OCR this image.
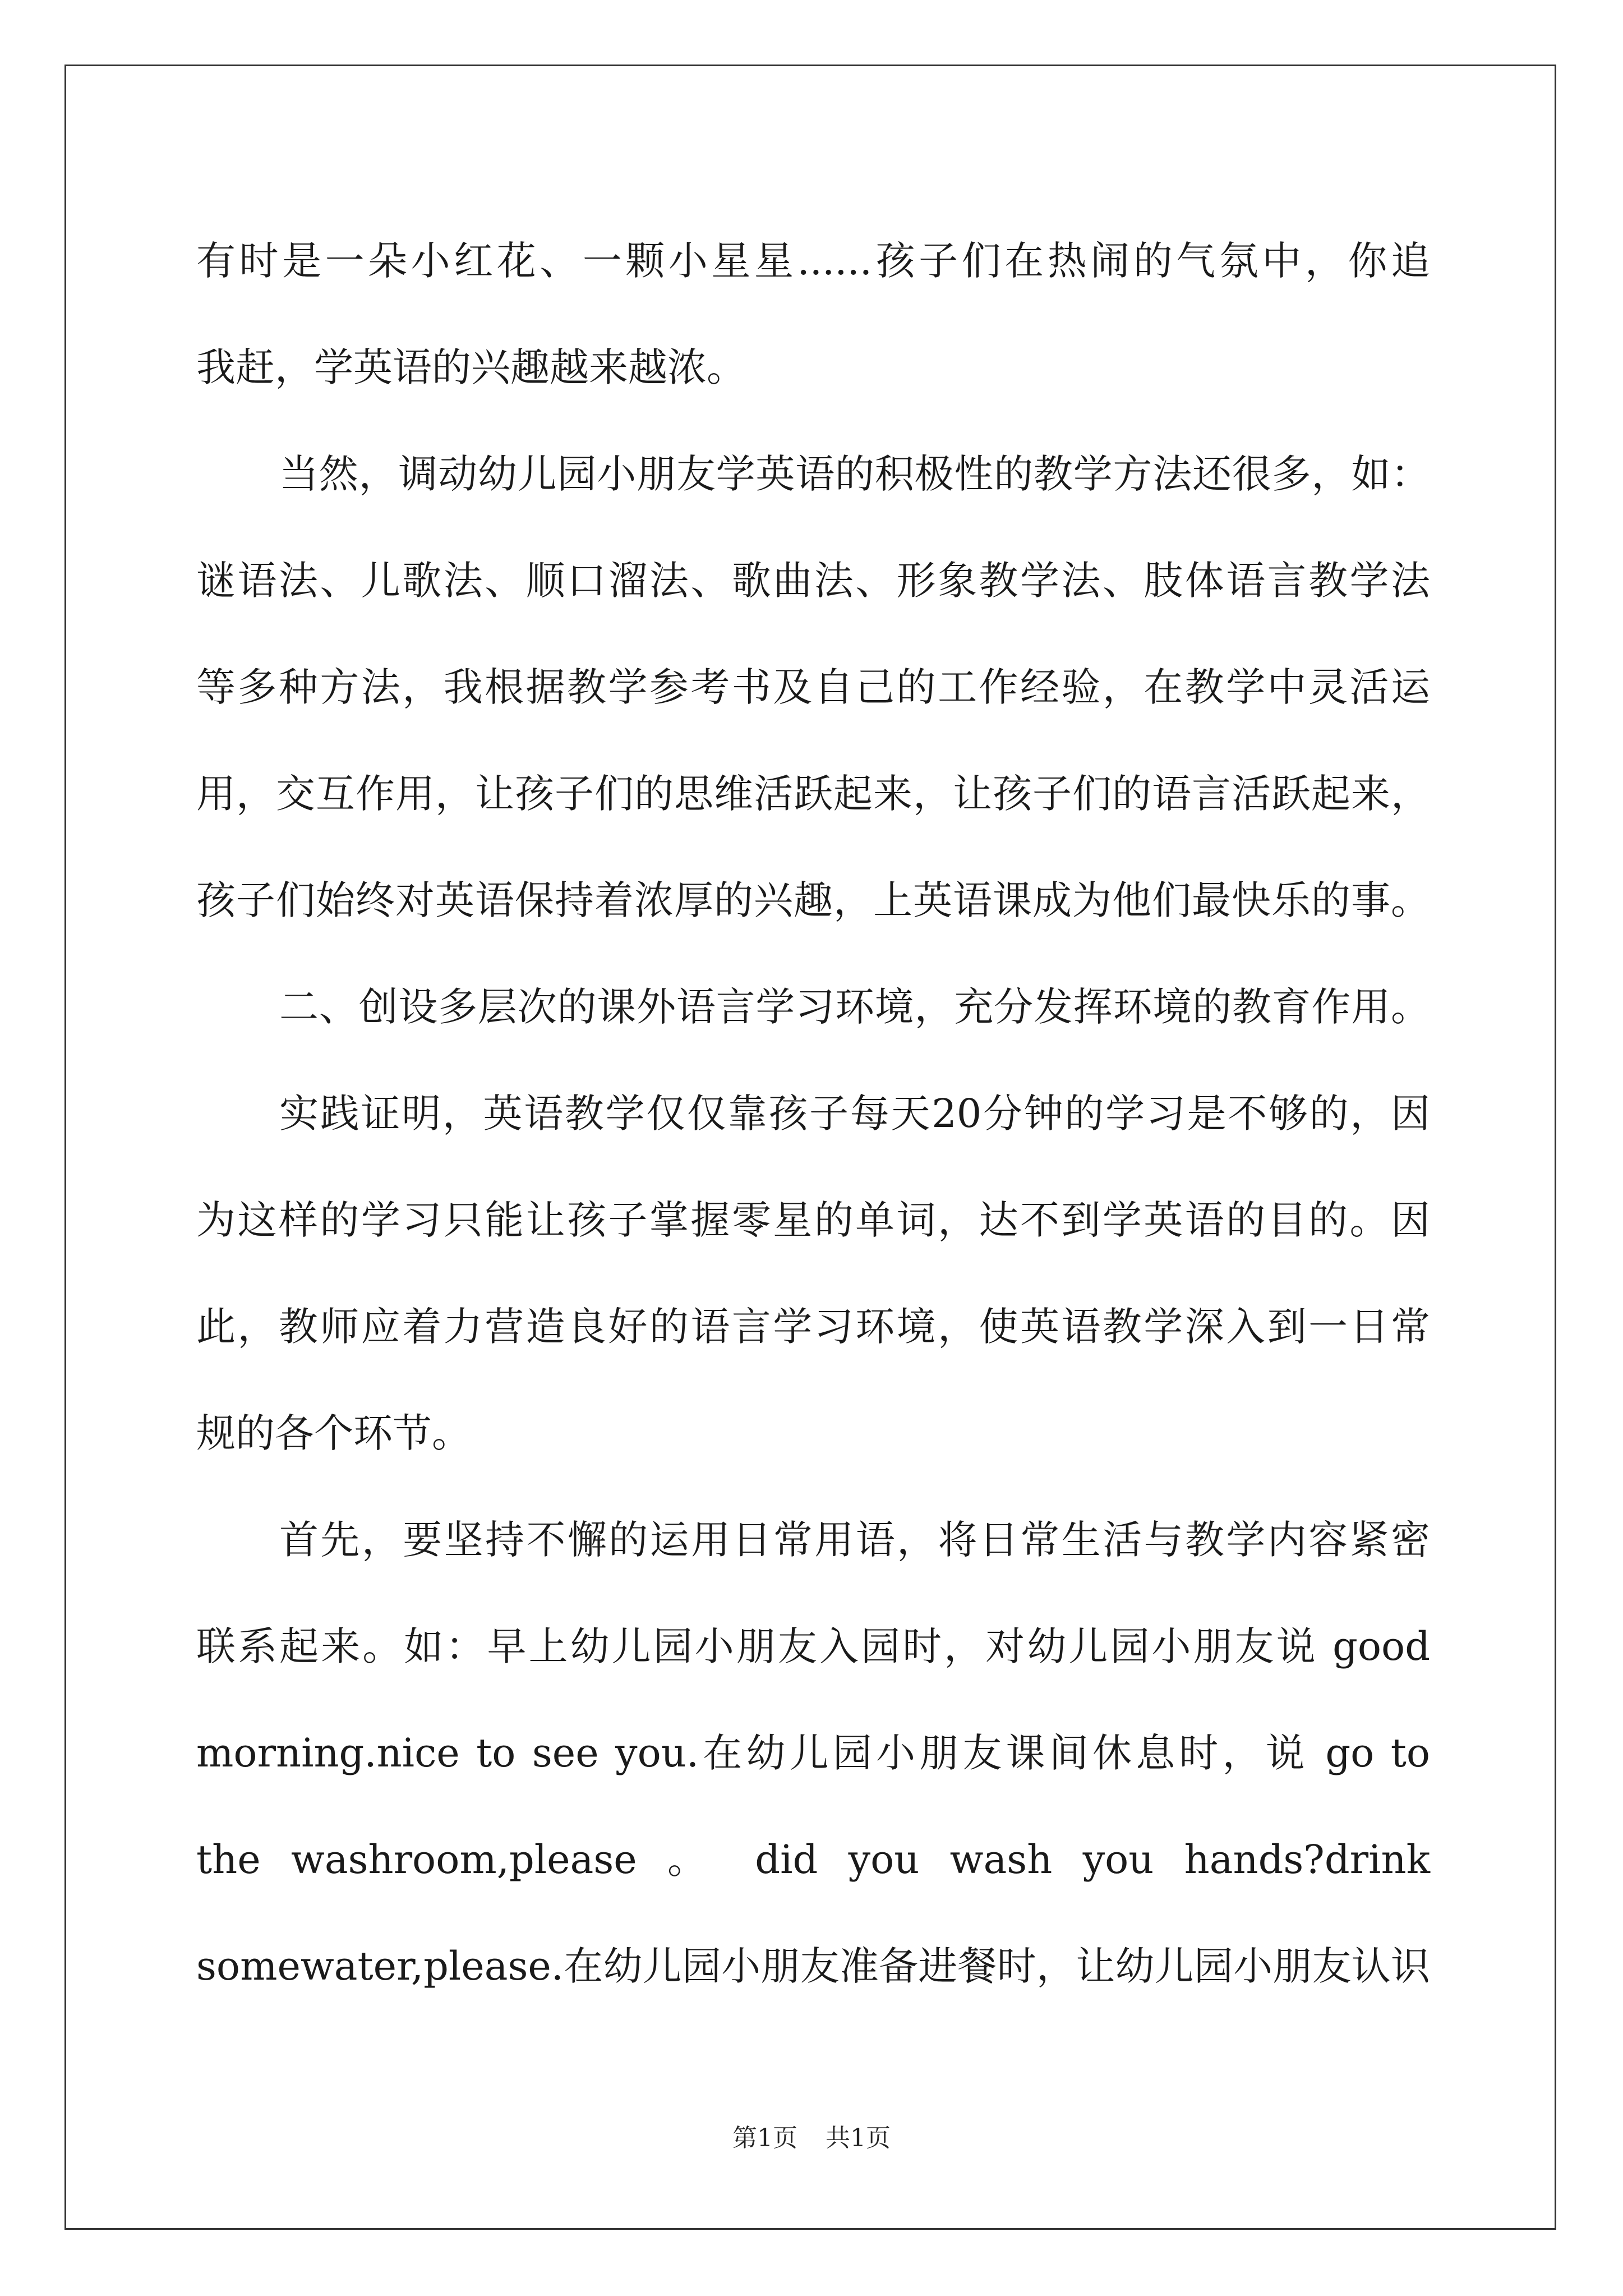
有时是一朵小红花、一颗小星星......孩子们在热闹的气氛中，你追
我赶，学英语的兴趣越来越浓。
当然，调动幼儿园小朋友学英语的积极性的教学方法还很多，如：
谜语法、儿歌法、顺口溜法、歌曲法、形象教学法、肢体语言教学法
等多种方法，我根据教学参考书及自己的工作经验，在教学中灵活运
用，交互作用，让孩子们的思维活跃起来，让孩子们的语言活跃起来，
孩子们始终对英语保持着浓厚的兴趣，上英语课成为他们最快乐的事。
二、创设多层次的课外语言学习环境，充分发挥环境的教育作用。
实践证明，英语教学仅仅靠孩子每天20分钟的学习是不够的，因
为这样的学习只能让孩子掌握零星的单词，达不到学英语的目的。因
此，教师应着力营造良好的语言学习环境，使英语教学深入到一日常
规的各个环节。
首先，要坚持不懈的运用日常用语，将日常生活与教学内容紧密
联系起来。如：早上幼儿园小朋友入园时，对幼儿园小朋友说 good
morning.nice to see you.在幼儿园小朋友课间休息时，说 go to
the washroom,please 。 did you wash you hands?drink
somewater,please.在幼儿园小朋友准备进餐时，让幼儿园小朋友认识
第1页 共1页
